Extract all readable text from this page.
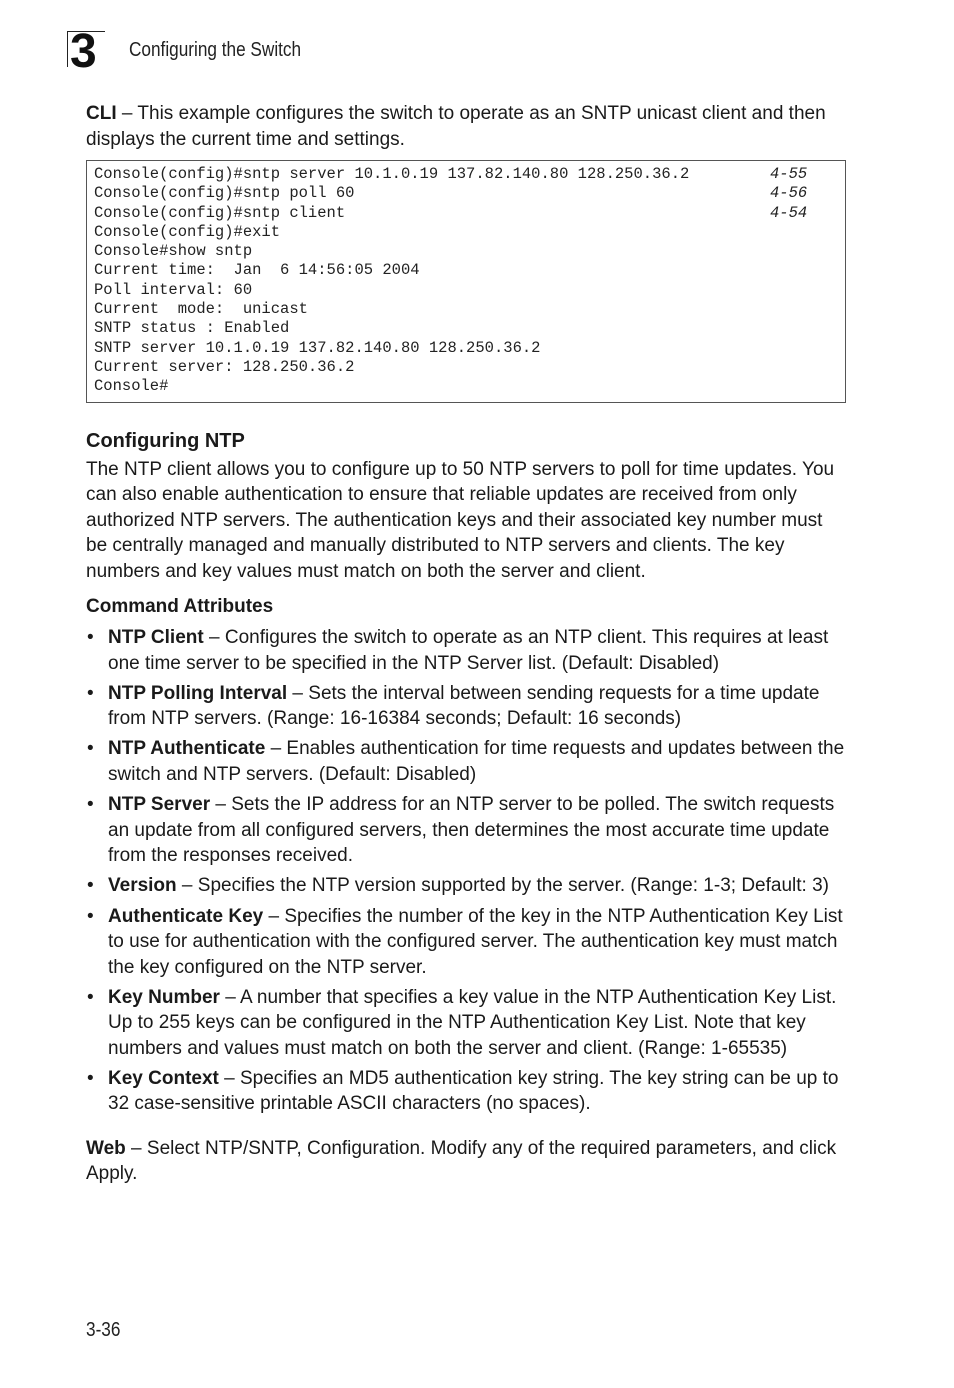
3 Configuring the Switch

CLI – This example configures the switch to operate as an SNTP unicast client and then displays the current time and settings.

Console(config)#sntp server 10.1.0.19 137.82.140.80 128.250.36.2	4-55
Console(config)#sntp poll 60	4-56
Console(config)#sntp client	4-54
Console(config)#exit
Console#show sntp
Current time:  Jan  6 14:56:05 2004
Poll interval: 60
Current  mode:  unicast
SNTP status : Enabled
SNTP server 10.1.0.19 137.82.140.80 128.250.36.2
Current server: 128.250.36.2
Console#
Configuring NTP

The NTP client allows you to configure up to 50 NTP servers to poll for time updates. You can also enable authentication to ensure that reliable updates are received from only authorized NTP servers. The authentication keys and their associated key number must be centrally managed and manually distributed to NTP servers and clients. The key numbers and key values must match on both the server and client.

Command Attributes
• NTP Client – Configures the switch to operate as an NTP client. This requires at least one time server to be specified in the NTP Server list. (Default: Disabled)
• NTP Polling Interval – Sets the interval between sending requests for a time update from NTP servers. (Range: 16-16384 seconds; Default: 16 seconds)
• NTP Authenticate – Enables authentication for time requests and updates between the switch and NTP servers. (Default: Disabled)
• NTP Server – Sets the IP address for an NTP server to be polled. The switch requests an update from all configured servers, then determines the most accurate time update from the responses received.
• Version – Specifies the NTP version supported by the server. (Range: 1-3; Default: 3)
• Authenticate Key – Specifies the number of the key in the NTP Authentication Key List to use for authentication with the configured server. The authentication key must match the key configured on the NTP server.
• Key Number – A number that specifies a key value in the NTP Authentication Key List. Up to 255 keys can be configured in the NTP Authentication Key List. Note that key numbers and values must match on both the server and client. (Range: 1-65535)
• Key Context – Specifies an MD5 authentication key string. The key string can be up to 32 case-sensitive printable ASCII characters (no spaces).

Web – Select NTP/SNTP, Configuration. Modify any of the required parameters, and click Apply.

3-36
